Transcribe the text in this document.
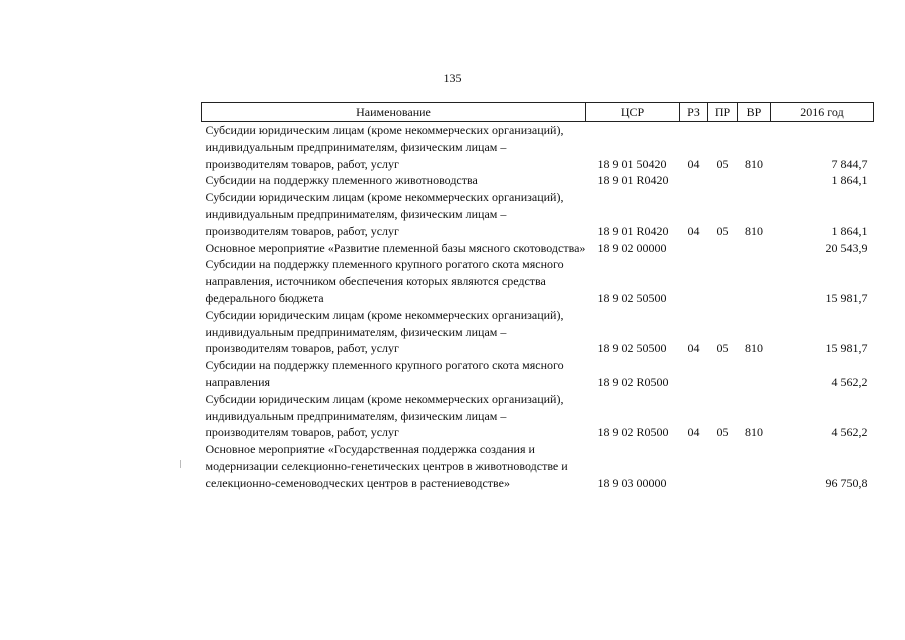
135
Наименование	ЦСР	РЗ	ПР	ВР	2016 год
Субсидии юридическим лицам (кроме некоммерческих организаций), индивидуальным предпринимателям, физическим лицам – производителям товаров, работ, услуг	18 9 01 50420	04	05	810	7 844,7
Субсидии на поддержку племенного животноводства	18 9 01 R0420				1 864,1
Субсидии юридическим лицам (кроме некоммерческих организаций), индивидуальным предпринимателям, физическим лицам – производителям товаров, работ, услуг	18 9 01 R0420	04	05	810	1 864,1
Основное мероприятие «Развитие племенной базы мясного скотоводства»	18 9 02 00000				20 543,9
Субсидии на поддержку племенного крупного рогатого скота мясного направления, источником обеспечения которых являются средства федерального бюджета	18 9 02 50500				15 981,7
Субсидии юридическим лицам (кроме некоммерческих организаций), индивидуальным предпринимателям, физическим лицам – производителям товаров, работ, услуг	18 9 02 50500	04	05	810	15 981,7
Субсидии на поддержку племенного крупного рогатого скота мясного направления	18 9 02 R0500				4 562,2
Субсидии юридическим лицам (кроме некоммерческих организаций), индивидуальным предпринимателям, физическим лицам – производителям товаров, работ, услуг	18 9 02 R0500	04	05	810	4 562,2
Основное мероприятие «Государственная поддержка создания и модернизации селекционно-генетических центров в животноводстве и селекционно-семеноводческих центров в растениеводстве»	18 9 03 00000				96 750,8
